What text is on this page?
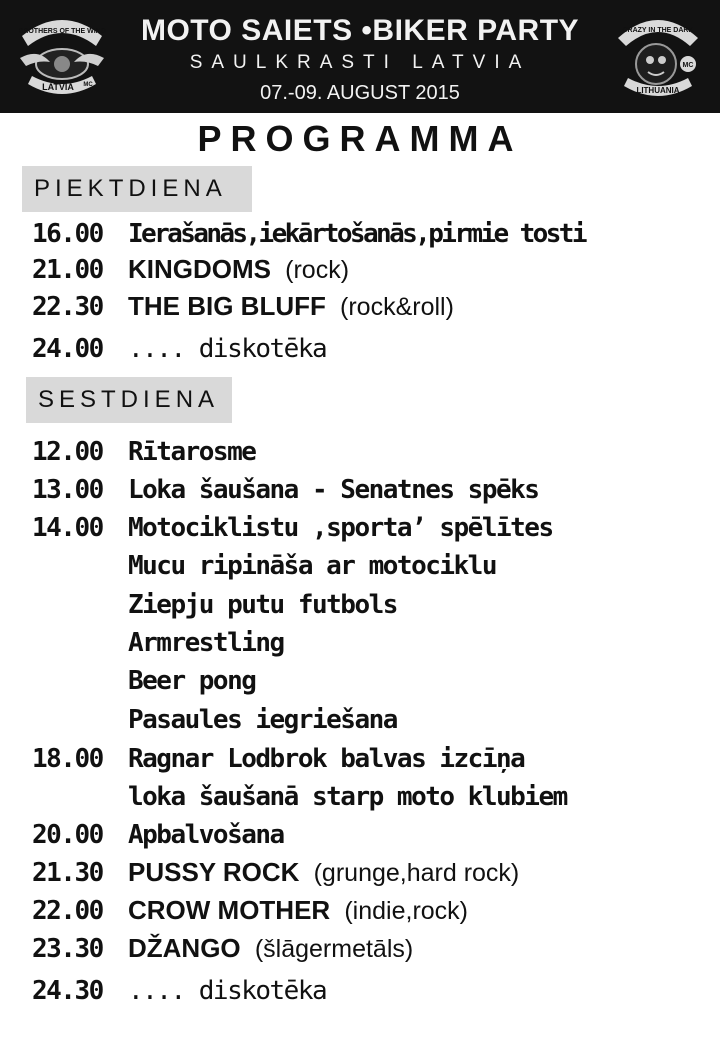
BROTHERS OF THE WIND
LATVIA MC
MOTO SAIETS •BIKER PARTY
SAULKRASTI LATVIA
07.-09. AUGUST 2015
CRAZY IN THE DARK
MC
LITHUANIA
PROGRAMMA
PIEKTDIENA
16.00 Ierašanās,iekārtošanās,pirmie tosti
21.00 KINGDOMS (rock)
22.30 THE BIG BLUFF (rock&roll)
24.00 .... diskotēka
SESTDIENA
12.00 Rītarosme
13.00 Loka šaušana - Senatnes spēks
14.00 Motociklistu ‚sporta’ spēlītes
Mucu ripināša ar motociklu
Ziepju putu futbols
Armrestling
Beer pong
Pasaules iegriešana
18.00 Ragnar Lodbrok balvas izcīņa
loka šaušanā starp moto klubiem
20.00 Apbalvošana
21.30 PUSSY ROCK (grunge,hard rock)
22.00 CROW MOTHER (indie,rock)
23.30 DŽANGO (šlāgermetāls)
24.30 .... diskotēka
